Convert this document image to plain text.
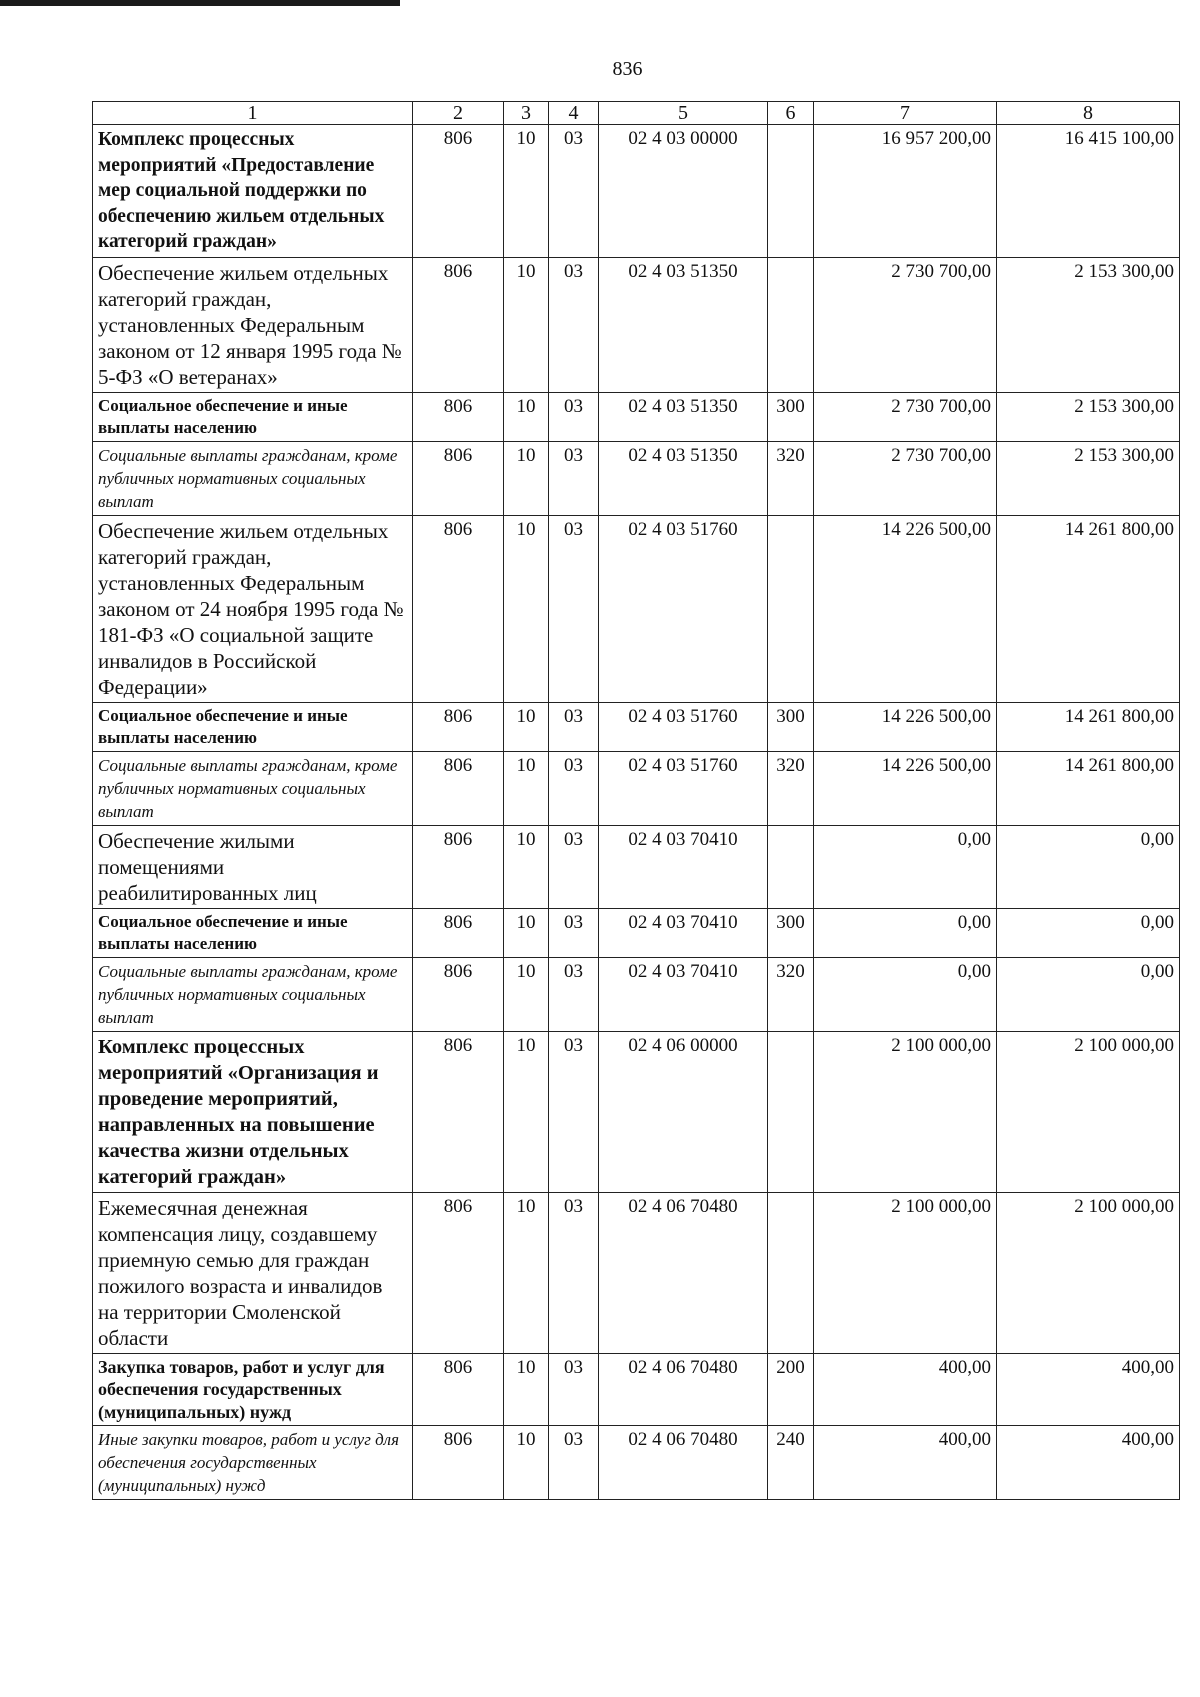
836
1	2	3	4	5	6	7	8
Комплекс процессных мероприятий «Предоставление мер социальной поддержки по обеспечению жильем отдельных категорий граждан»	806	10	03	02 4 03 00000		16 957 200,00	16 415 100,00
Обеспечение жильем отдельных категорий граждан, установленных Федеральным законом от 12 января 1995 года № 5-ФЗ «О ветеранах»	806	10	03	02 4 03 51350		2 730 700,00	2 153 300,00
Социальное обеспечение и иные выплаты населению	806	10	03	02 4 03 51350	300	2 730 700,00	2 153 300,00
Социальные выплаты гражданам, кроме публичных нормативных социальных выплат	806	10	03	02 4 03 51350	320	2 730 700,00	2 153 300,00
Обеспечение жильем отдельных категорий граждан, установленных Федеральным законом от 24 ноября 1995 года № 181-ФЗ «О социальной защите инвалидов в Российской Федерации»	806	10	03	02 4 03 51760		14 226 500,00	14 261 800,00
Социальное обеспечение и иные выплаты населению	806	10	03	02 4 03 51760	300	14 226 500,00	14 261 800,00
Социальные выплаты гражданам, кроме публичных нормативных социальных выплат	806	10	03	02 4 03 51760	320	14 226 500,00	14 261 800,00
Обеспечение жилыми помещениями реабилитированных лиц	806	10	03	02 4 03 70410		0,00	0,00
Социальное обеспечение и иные выплаты населению	806	10	03	02 4 03 70410	300	0,00	0,00
Социальные выплаты гражданам, кроме публичных нормативных социальных выплат	806	10	03	02 4 03 70410	320	0,00	0,00
Комплекс процессных мероприятий «Организация и проведение мероприятий, направленных на повышение качества жизни отдельных категорий граждан»	806	10	03	02 4 06 00000		2 100 000,00	2 100 000,00
Ежемесячная денежная компенсация лицу, создавшему приемную семью для граждан пожилого возраста и инвалидов на территории Смоленской области	806	10	03	02 4 06 70480		2 100 000,00	2 100 000,00
Закупка товаров, работ и услуг для обеспечения государственных (муниципальных) нужд	806	10	03	02 4 06 70480	200	400,00	400,00
Иные закупки товаров, работ и услуг для обеспечения государственных (муниципальных) нужд	806	10	03	02 4 06 70480	240	400,00	400,00
